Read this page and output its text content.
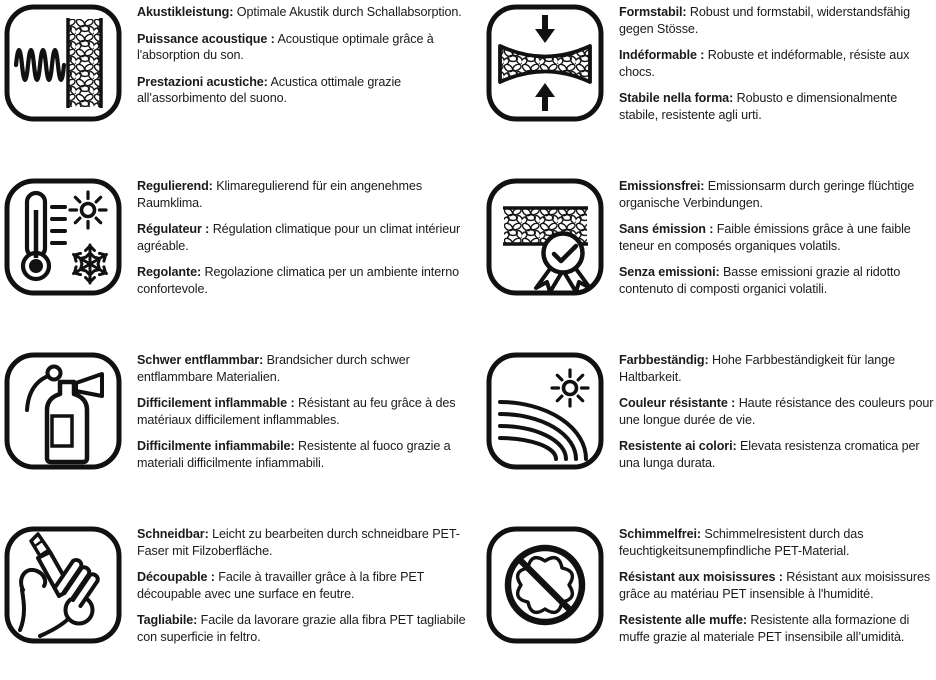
Akustikleistung: Optimale Akustik durch Schallabsorption.

Puissance acoustique : Acoustique optimale grâce à l'absorption du son.

Prestazioni acustiche: Acustica ottimale grazie all’assorbimento del suono.

Formstabil: Robust und formstabil, widerstandsfähig gegen Stösse.

Indéformable : Robuste et indéformable, résiste aux chocs.

Stabile nella forma: Robusto e dimensionalmente stabile, resistente agli urti.

Regulierend: Klimaregulierend für ein angenehmes Raumklima.

Régulateur : Régulation climatique pour un climat intérieur agréable.

Regolante: Regolazione climatica per un ambiente interno confortevole.

Emissionsfrei: Emissionsarm durch geringe flüchtige organische Verbindungen.

Sans émission : Faible émissions grâce à une faible teneur en composés organiques volatils.

Senza emissioni: Basse emissioni grazie al ridotto contenuto di composti organici volatili.

Schwer entflammbar: Brandsicher durch schwer entflammbare Materialien.

Difficilement inflammable : Résistant au feu grâce à des matériaux difficilement inflammables.

Difficilmente infiammabile: Resistente al fuoco grazie a materiali difficilmente infiammabili.

Farbbeständig: Hohe Farbbeständigkeit für lange Haltbarkeit.

Couleur résistante : Haute résistance des couleurs pour une longue durée de vie.

Resistente ai colori: Elevata resistenza cromatica per una lunga durata.

Schneidbar: Leicht zu bearbeiten durch schneidbare PET-Faser mit Filzoberfläche.

Découpable : Facile à travailler grâce à la fibre PET découpable avec une surface en feutre.

Tagliabile: Facile da lavorare grazie alla fibra PET tagliabile con superficie in feltro.

Schimmelfrei: Schimmelresistent durch das feuchtigkeitsunempfindliche PET-Material.

Résistant aux moisissures : Résistant aux moisissures grâce au matériau PET insensible à l'humidité.

Resistente alle muffe: Resistente alla formazione di muffe grazie al materiale PET insensibile all’umidità.
